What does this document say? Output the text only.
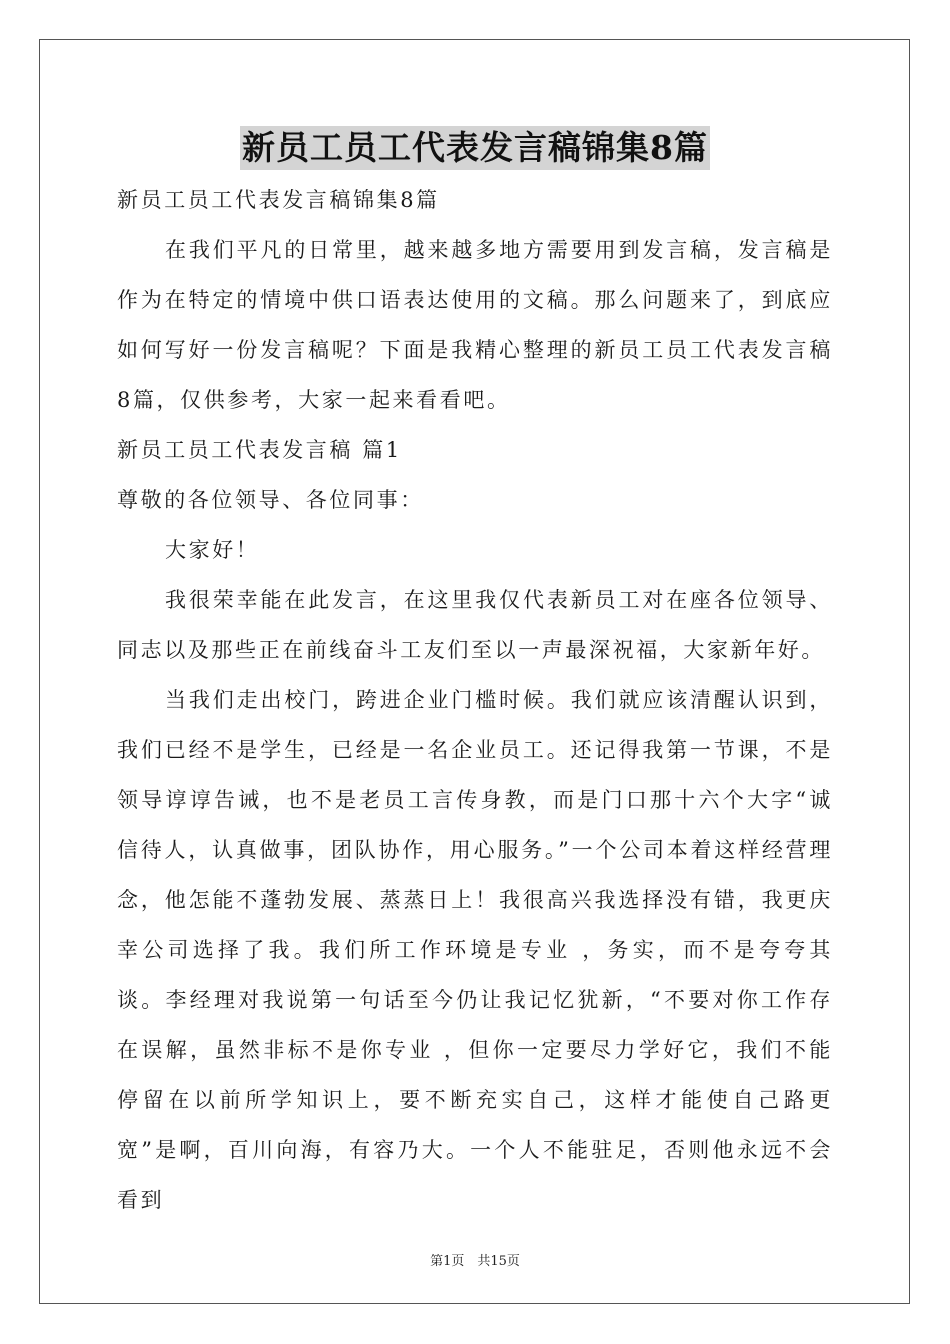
新员工员工代表发言稿锦集8篇

新员工员工代表发言稿锦集8篇

在我们平凡的日常里，越来越多地方需要用到发言稿，发言稿是作为在特定的情境中供口语表达使用的文稿。那么问题来了，到底应如何写好一份发言稿呢？下面是我精心整理的新员工员工代表发言稿8篇，仅供参考，大家一起来看看吧。

新员工员工代表发言稿 篇1

尊敬的各位领导、各位同事：

大家好！

我很荣幸能在此发言，在这里我仅代表新员工对在座各位领导、同志以及那些正在前线奋斗工友们至以一声最深祝福，大家新年好。

当我们走出校门，跨进企业门槛时候。我们就应该清醒认识到，我们已经不是学生，已经是一名企业员工。还记得我第一节课，不是领导谆谆告诫，也不是老员工言传身教，而是门口那十六个大字“诚信待人，认真做事，团队协作，用心服务。”一个公司本着这样经营理念，他怎能不蓬勃发展、蒸蒸日上！我很高兴我选择没有错，我更庆幸公司选择了我。我们所工作环境是专业 ，务实，而不是夸夸其谈。李经理对我说第一句话至今仍让我记忆犹新，“不要对你工作存在误解，虽然非标不是你专业 ，但你一定要尽力学好它，我们不能停留在以前所学知识上，要不断充实自己，这样才能使自己路更宽”是啊，百川向海，有容乃大。一个人不能驻足，否则他永远不会看到

第1页　共15页
